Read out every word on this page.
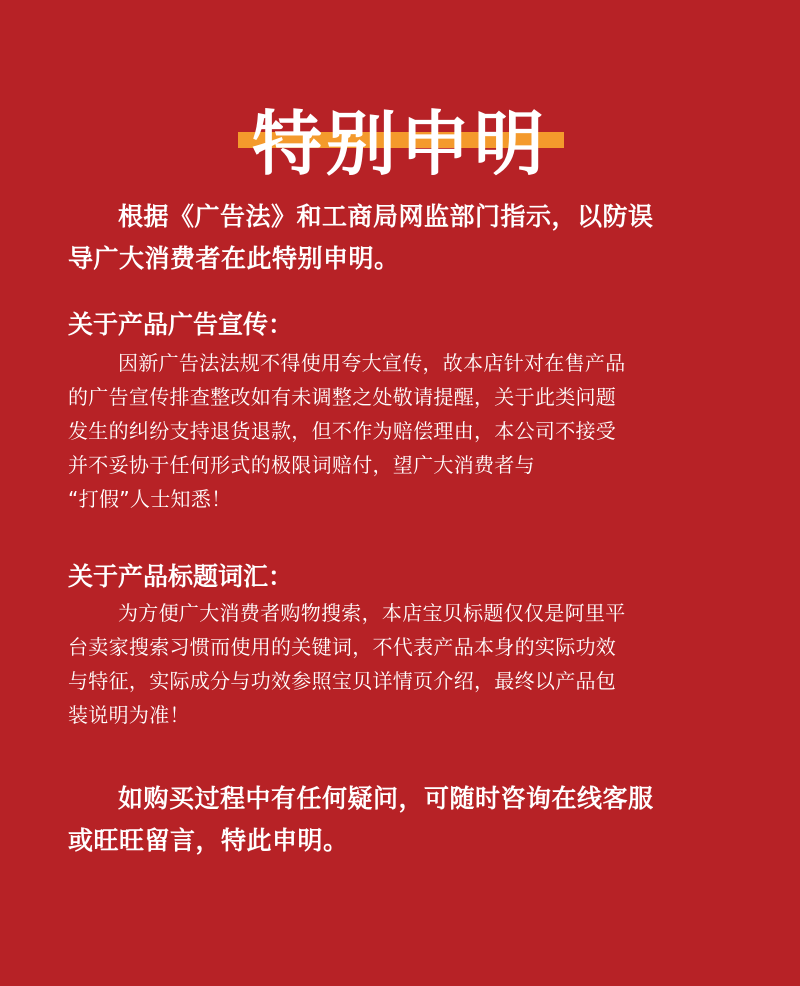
特别申明

根据《广告法》和工商局网监部门指示，以防误
导广大消费者在此特别申明。

关于产品广告宣传：

因新广告法法规不得使用夸大宣传，故本店针对在售产品
的广告宣传排查整改如有未调整之处敬请提醒，关于此类问题
发生的纠纷支持退货退款，但不作为赔偿理由，本公司不接受
并不妥协于任何形式的极限词赔付，望广大消费者与
“打假”人士知悉！

关于产品标题词汇：

为方便广大消费者购物搜索，本店宝贝标题仅仅是阿里平
台卖家搜索习惯而使用的关键词，不代表产品本身的实际功效
与特征，实际成分与功效参照宝贝详情页介绍，最终以产品包
装说明为准！

如购买过程中有任何疑问，可随时咨询在线客服
或旺旺留言，特此申明。
